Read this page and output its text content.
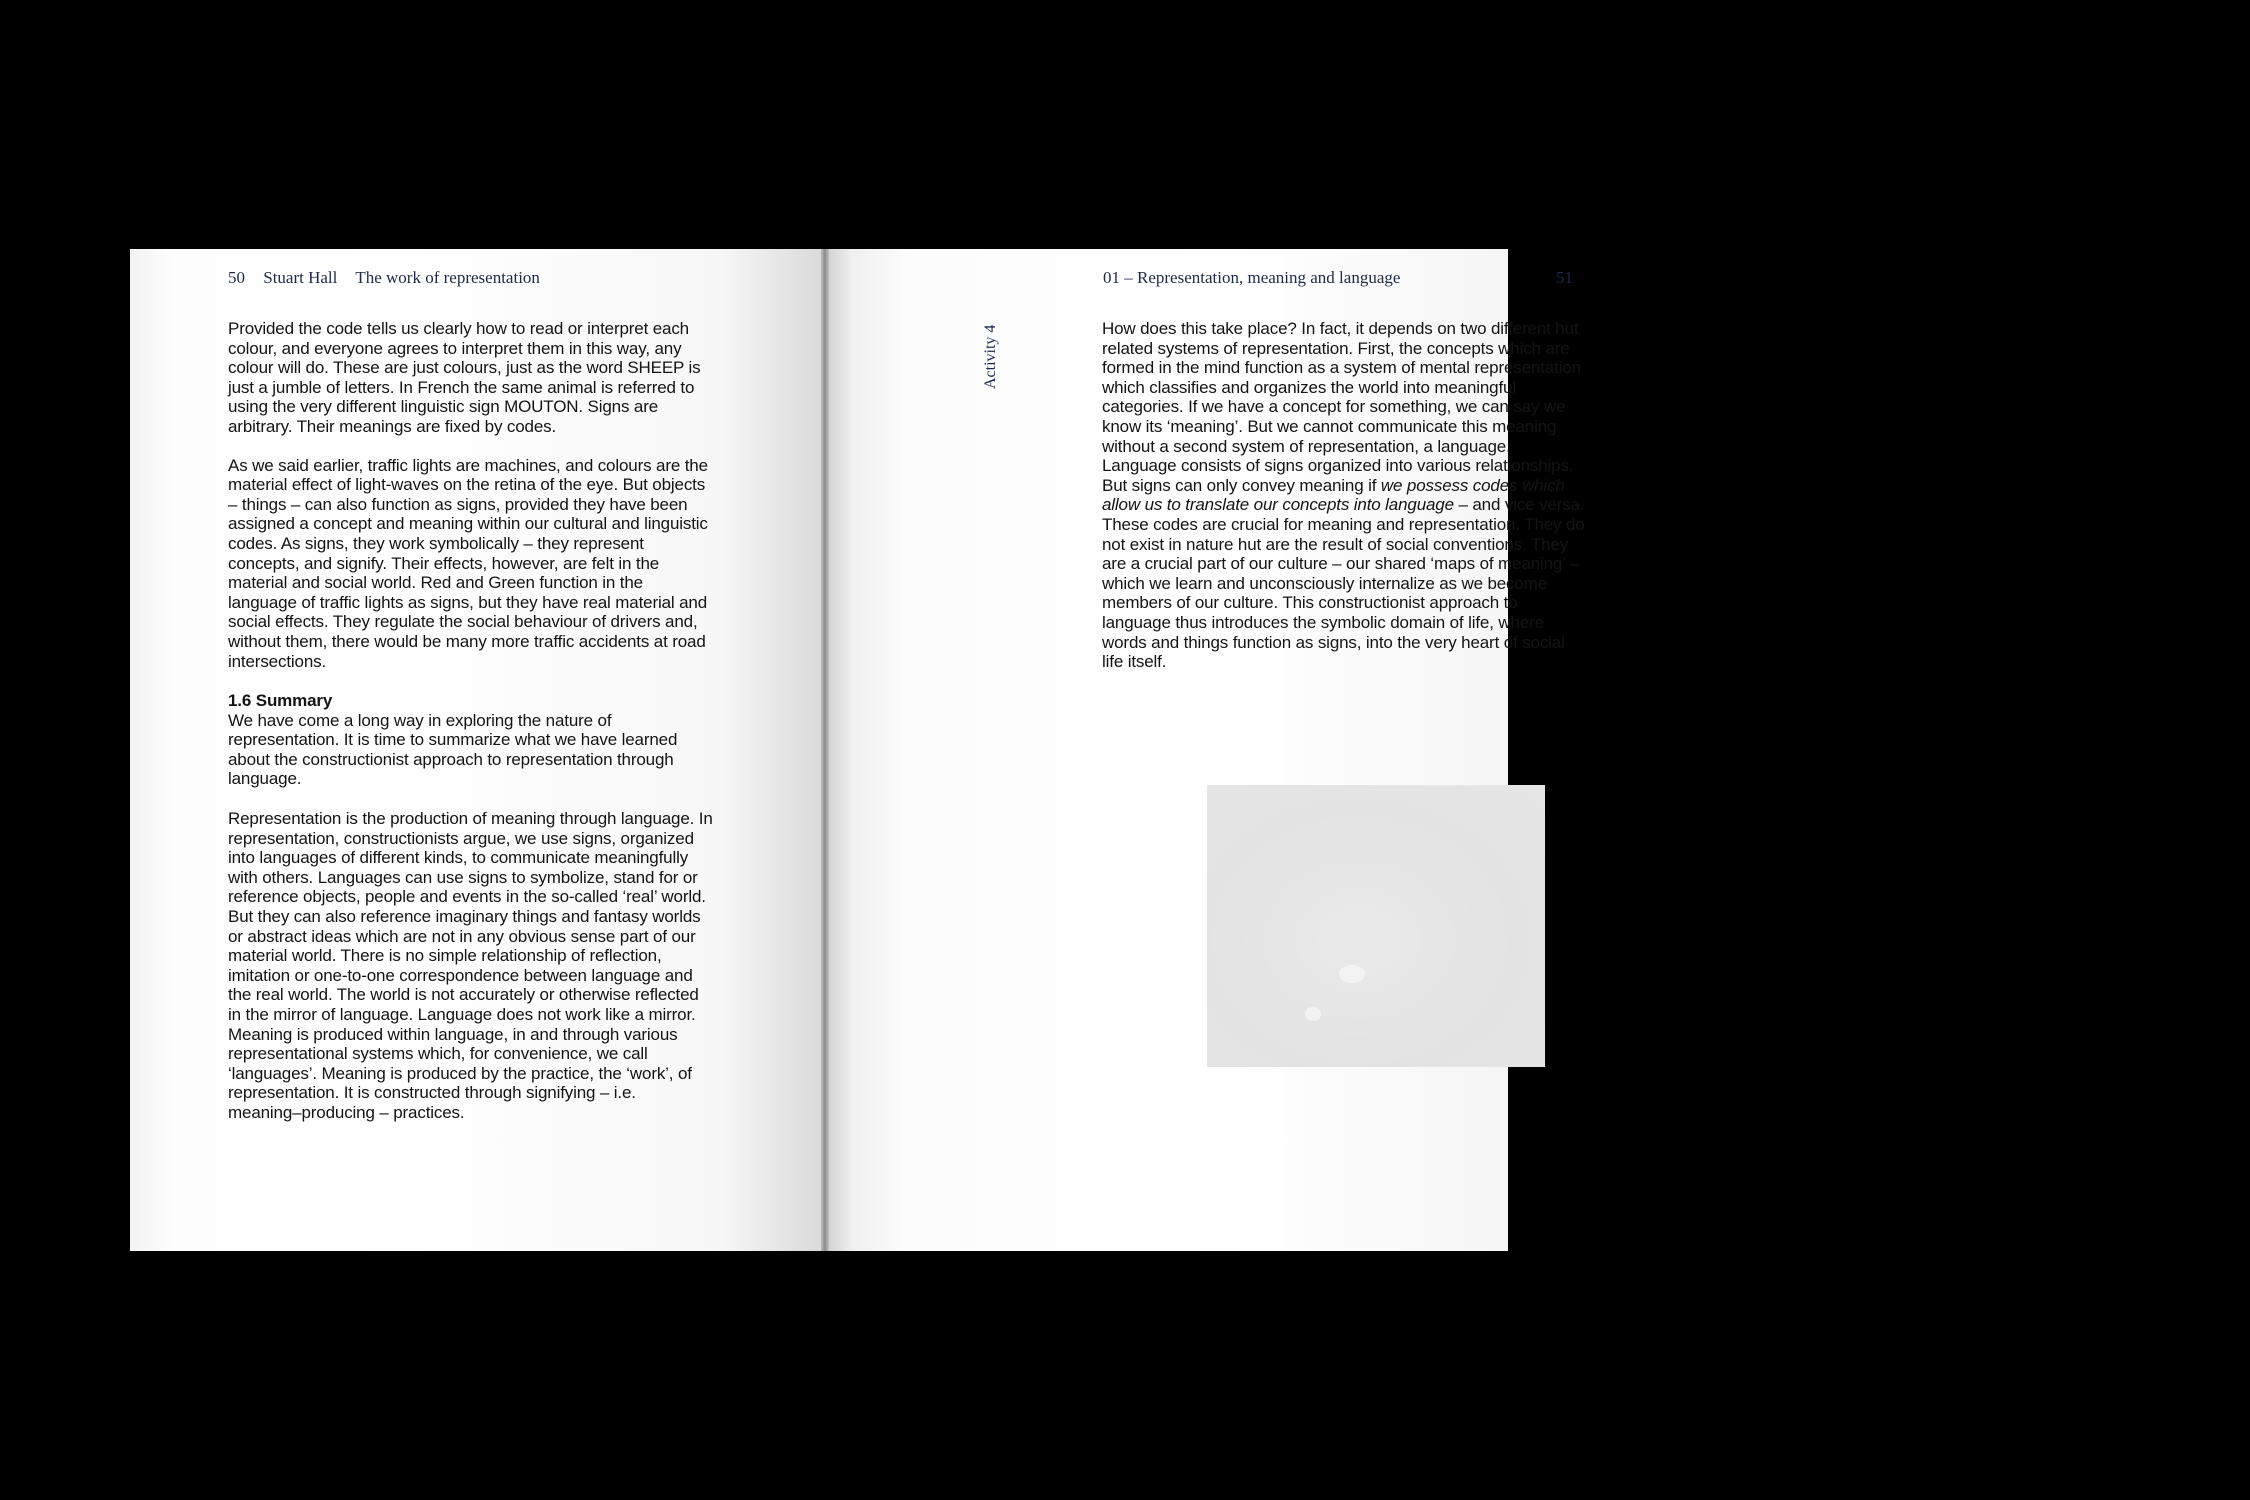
50 Stuart Hall The work of representation

Provided the code tells us clearly how to read or interpret each colour, and everyone agrees to interpret them in this way, any colour will do. These are just colours, just as the word SHEEP is just a jumble of letters. In French the same animal is referred to using the very different linguistic sign MOUTON. Signs are arbitrary. Their meanings are fixed by codes.

As we said earlier, traffic lights are machines, and colours are the material effect of light-waves on the retina of the eye. But objects – things – can also function as signs, provided they have been assigned a concept and meaning within our cultural and linguistic codes. As signs, they work symbolically – they represent concepts, and signify. Their effects, however, are felt in the material and social world. Red and Green function in the language of traffic lights as signs, but they have real material and social effects. They regulate the social behaviour of drivers and, without them, there would be many more traffic accidents at road intersections.

1.6 Summary
We have come a long way in exploring the nature of representation. It is time to summarize what we have learned about the constructionist approach to representation through language.

Representation is the production of meaning through language. In representation, constructionists argue, we use signs, organized into languages of different kinds, to communicate meaningfully with others. Languages can use signs to symbolize, stand for or reference objects, people and events in the so-called ‘real’ world. But they can also reference imaginary things and fantasy worlds or abstract ideas which are not in any obvious sense part of our material world. There is no simple relationship of reflection, imitation or one-to-one correspondence between language and the real world. The world is not accurately or otherwise reflected in the mirror of language. Language does not work like a mirror. Meaning is produced within language, in and through various representational systems which, for convenience, we call ‘languages’. Meaning is produced by the practice, the ‘work’, of representation. It is constructed through signifying – i.e. meaning–producing – practices.

01 – Representation, meaning and language	51
Activity 4	How does this take place? In fact, it depends on two different hut related systems of representation. First, the concepts which are formed in the mind function as a system of mental representation which classifies and organizes the world into meaningful categories. If we have a concept for something, we can say we know its ‘meaning’. But we cannot communicate this meaning without a second system of representation, a language. Language consists of signs organized into various relationships. But signs can only convey meaning if we possess codes which allow us to translate our concepts into language – and vice versa. These codes are crucial for meaning and representation. They do not exist in nature hut are the result of social conventions. They are a crucial part of our culture – our shared ‘maps of meaning’ – which we learn and unconsciously internalize as we become members of our culture. This constructionist approach to language thus introduces the symbolic domain of life, where words and things function as signs, into the very heart of social life itself.
